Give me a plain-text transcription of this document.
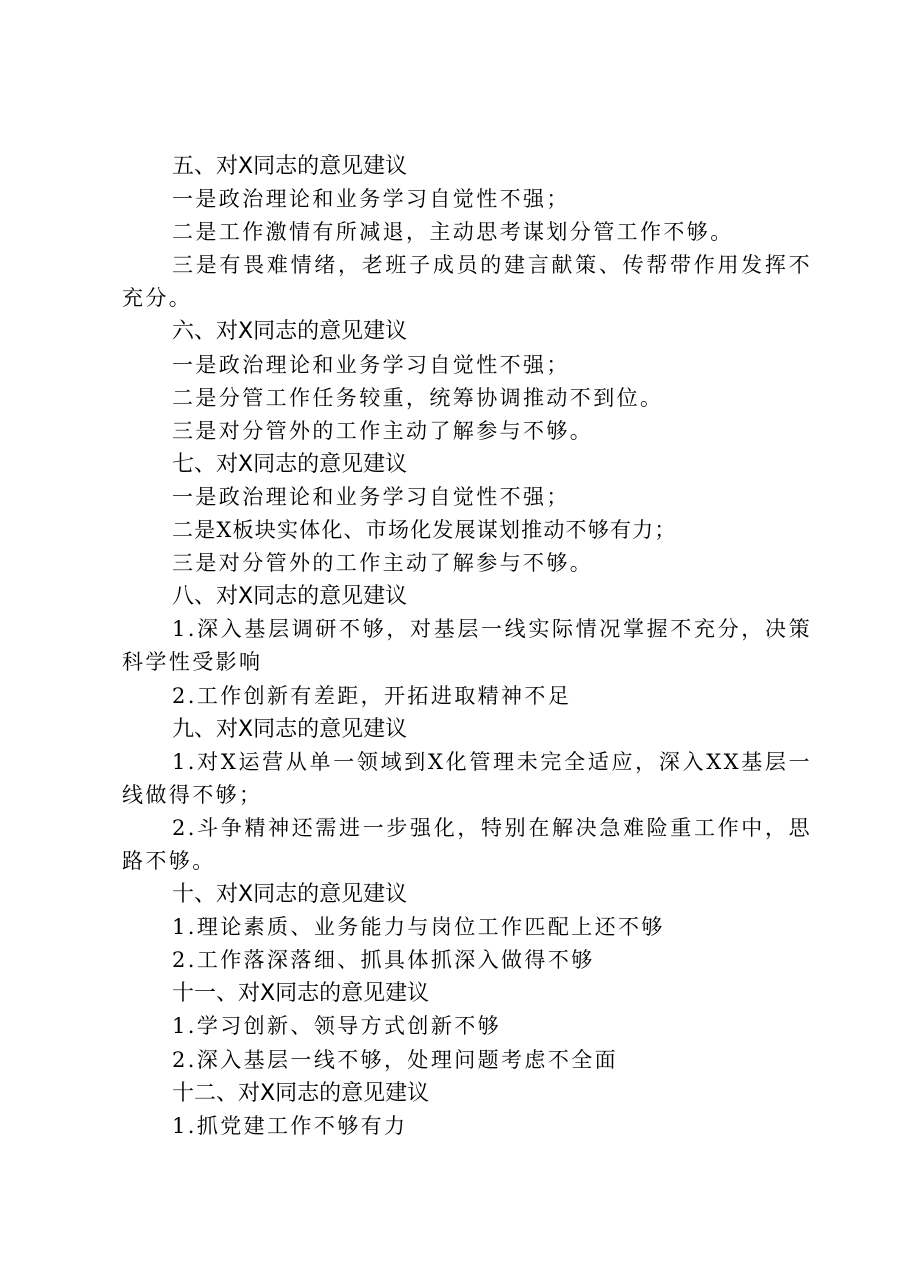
五、对X同志的意见建议
一是政治理论和业务学习自觉性不强；
二是工作激情有所减退，主动思考谋划分管工作不够。
三是有畏难情绪，老班子成员的建言献策、传帮带作用发挥不充分。
六、对X同志的意见建议
一是政治理论和业务学习自觉性不强；
二是分管工作任务较重，统筹协调推动不到位。
三是对分管外的工作主动了解参与不够。
七、对X同志的意见建议
一是政治理论和业务学习自觉性不强；
二是X板块实体化、市场化发展谋划推动不够有力；
三是对分管外的工作主动了解参与不够。
八、对X同志的意见建议
1.深入基层调研不够，对基层一线实际情况掌握不充分，决策科学性受影响
2.工作创新有差距，开拓进取精神不足
九、对X同志的意见建议
1.对X运营从单一领域到X化管理未完全适应，深入XX基层一线做得不够；
2.斗争精神还需进一步强化，特别在解决急难险重工作中，思路不够。
十、对X同志的意见建议
1.理论素质、业务能力与岗位工作匹配上还不够
2.工作落深落细、抓具体抓深入做得不够
十一、对X同志的意见建议
1.学习创新、领导方式创新不够
2.深入基层一线不够，处理问题考虑不全面
十二、对X同志的意见建议
1.抓党建工作不够有力
